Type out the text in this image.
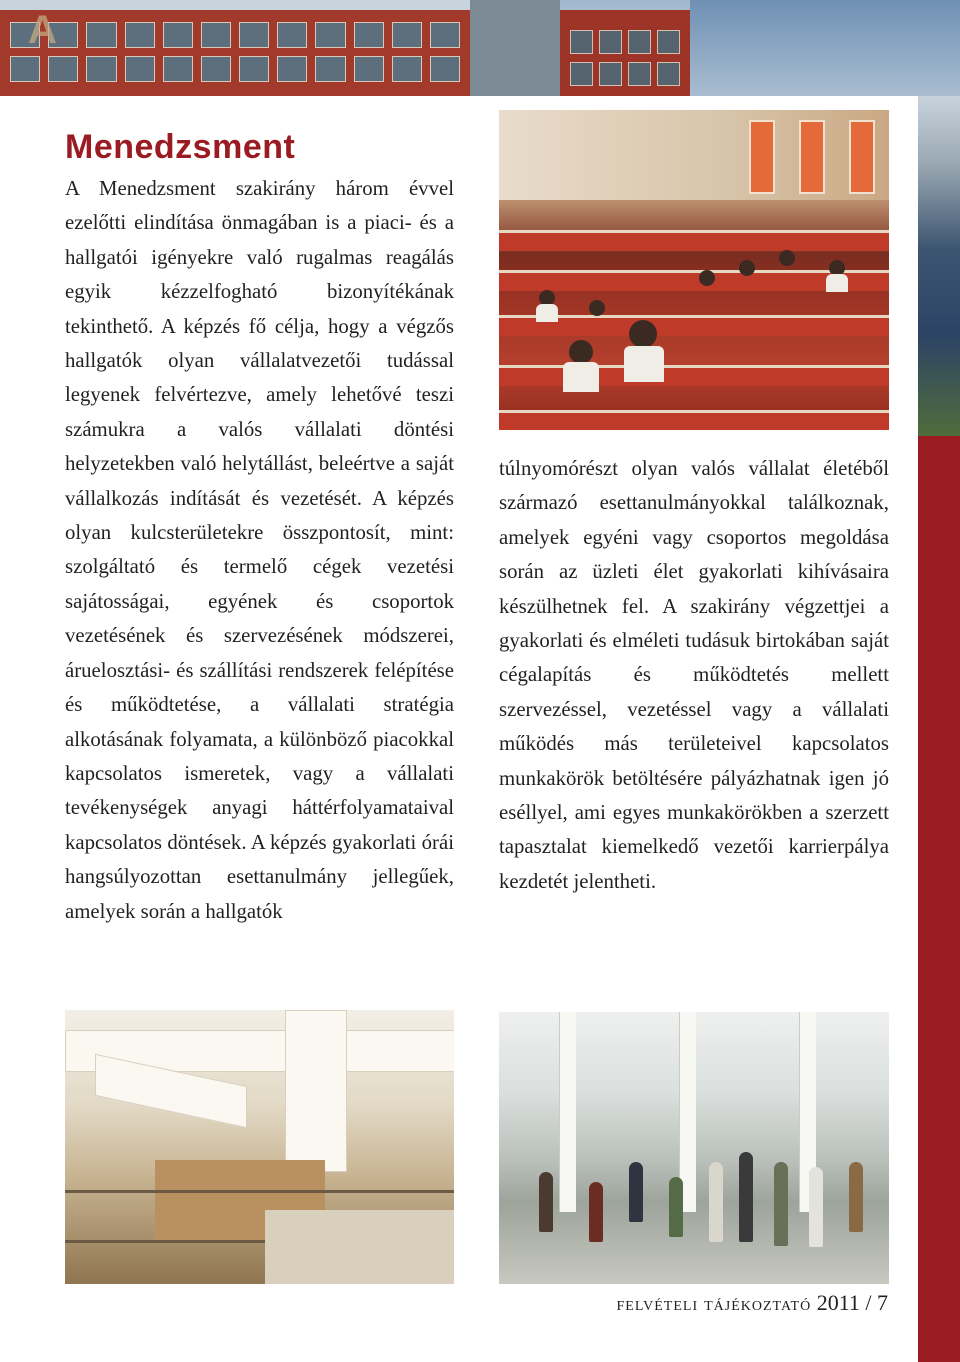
A
Menedzsment

A Menedzsment szakirány három évvel ezelőtti elindítása önmagában is a piaci- és a hallgatói igényekre való rugalmas reagálás egyik kézzelfogható bizonyítékának tekinthető. A képzés fő célja, hogy a végzős hallgatók olyan vállalatvezetői tudással legyenek felvértezve, amely lehetővé teszi számukra a valós vállalati döntési helyzetekben való helytállást, beleértve a saját vállalkozás indítását és vezetését. A képzés olyan kulcsterületekre összpontosít, mint: szolgáltató és termelő cégek vezetési sajátosságai, egyének és csoportok vezetésének és szervezésének módszerei, áruelosztási- és szállítási rendszerek felépítése és működtetése, a vállalati stratégia alkotásának folyamata, a különböző piacokkal kapcsolatos ismeretek, vagy a vállalati tevékenységek anyagi háttérfolyamataival kapcsolatos döntések. A képzés gyakorlati órái hangsúlyozottan esettanulmány jellegűek, amelyek során a hallgatók

túlnyomórészt olyan valós vállalat életéből származó esettanulmányokkal találkoznak, amelyek egyéni vagy csoportos megoldása során az üzleti élet gyakorlati kihívásaira készülhetnek fel. A szakirány végzettjei a gyakorlati és elméleti tudásuk birtokában saját cégalapítás és működtetés mellett szervezéssel, vezetéssel vagy a vállalati működés más területeivel kapcsolatos munkakörök betöltésére pályázhatnak igen jó eséllyel, ami egyes munkakörökben a szerzett tapasztalat kiemelkedő vezetői karrierpálya kezdetét jelentheti.

felvételi tájékoztató 2011 / 7
